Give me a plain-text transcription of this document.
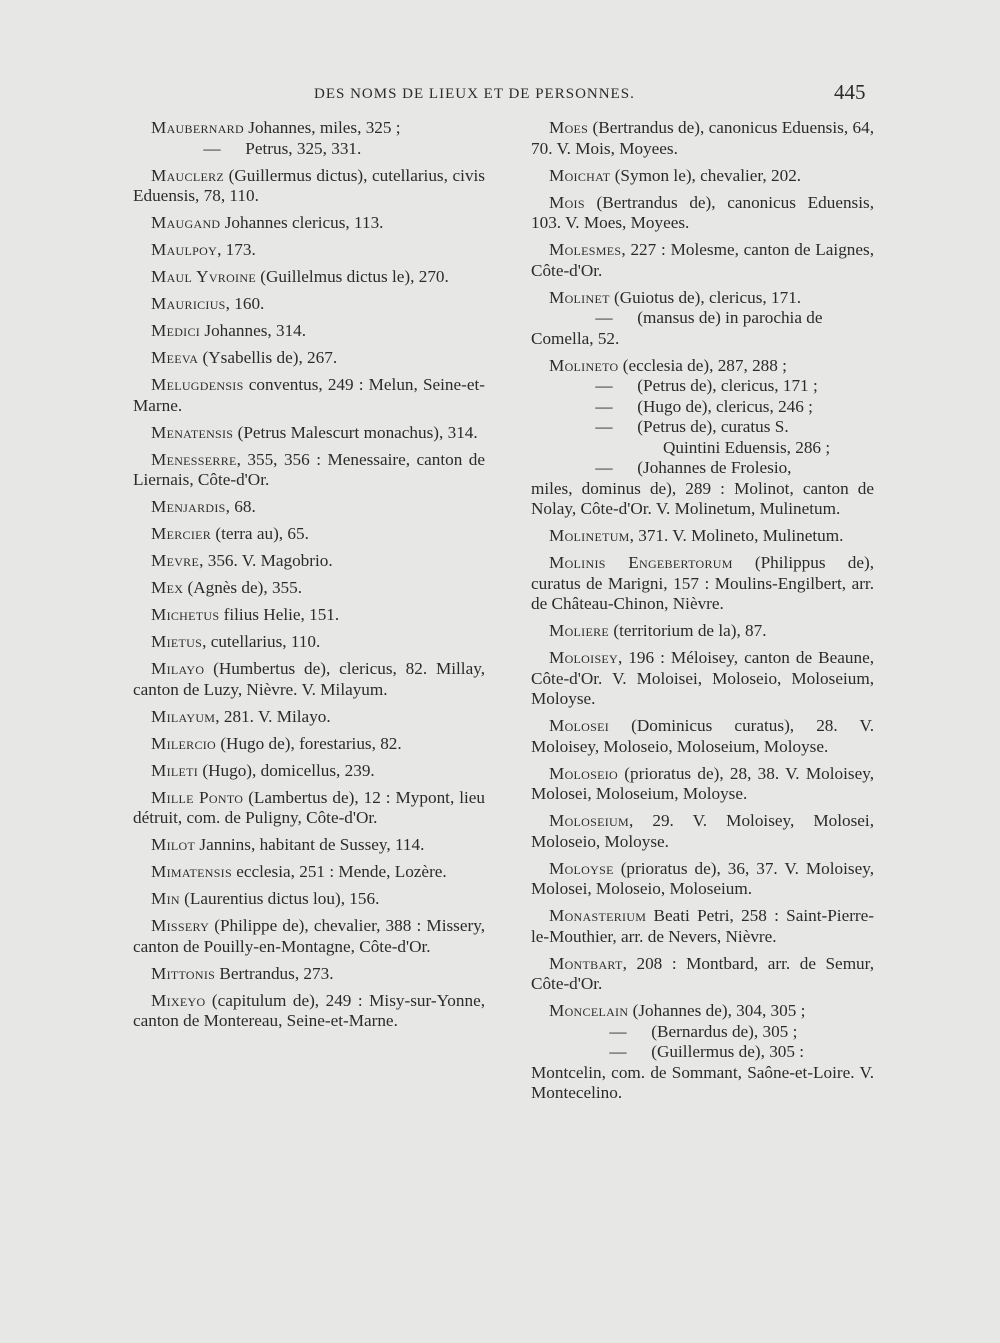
DES NOMS DE LIEUX ET DE PERSONNES.	445

Maubernard Johannes, miles, 325 ;

— Petrus, 325, 331.

Mauclerz (Guillermus dictus), cutellarius, civis Eduensis, 78, 110.

Maugand Johannes clericus, 113.

Maulpoy, 173.

Maul Yvroine (Guillelmus dictus le), 270.

Mauricius, 160.

Medici Johannes, 314.

Meeva (Ysabellis de), 267.

Melugdensis conventus, 249 : Melun, Seine-et-Marne.

Menatensis (Petrus Malescurt monachus), 314.

Menesserre, 355, 356 : Menessaire, canton de Liernais, Côte-d'Or.

Menjardis, 68.

Mercier (terra au), 65.

Mevre, 356. V. Magobrio.

Mex (Agnès de), 355.

Michetus filius Helie, 151.

Mietus, cutellarius, 110.

Milayo (Humbertus de), clericus, 82. Millay, canton de Luzy, Nièvre. V. Milayum.

Milayum, 281. V. Milayo.

Milercio (Hugo de), forestarius, 82.

Mileti (Hugo), domicellus, 239.

Mille Ponto (Lambertus de), 12 : Mypont, lieu détruit, com. de Puligny, Côte-d'Or.

Milot Jannins, habitant de Sussey, 114.

Mimatensis ecclesia, 251 : Mende, Lozère.

Min (Laurentius dictus lou), 156.

Missery (Philippe de), chevalier, 388 : Missery, canton de Pouilly-en-Montagne, Côte-d'Or.

Mittonis Bertrandus, 273.

Mixeyo (capitulum de), 249 : Misy-sur-Yonne, canton de Montereau, Seine-et-Marne.

Moes (Bertrandus de), canonicus Eduensis, 64, 70. V. Mois, Moyees.

Moichat (Symon le), chevalier, 202.

Mois (Bertrandus de), canonicus Eduensis, 103. V. Moes, Moyees.

Molesmes, 227 : Molesme, canton de Laignes, Côte-d'Or.

Molinet (Guiotus de), clericus, 171.

— (mansus de) in parochia de

Comella, 52.

Molineto (ecclesia de), 287, 288 ;

— (Petrus de), clericus, 171 ;

— (Hugo de), clericus, 246 ;

— (Petrus de), curatus S.

Quintini Eduensis, 286 ;

— (Johannes de Frolesio,

miles, dominus de), 289 : Molinot, canton de Nolay, Côte-d'Or. V. Molinetum, Mulinetum.

Molinetum, 371. V. Molineto, Mulinetum.

Molinis Engebertorum (Philippus de), curatus de Marigni, 157 : Moulins-Engilbert, arr. de Château-Chinon, Nièvre.

Moliere (territorium de la), 87.

Moloisey, 196 : Méloisey, canton de Beaune, Côte-d'Or. V. Moloisei, Moloseio, Moloseium, Moloyse.

Molosei (Dominicus curatus), 28. V. Moloisey, Moloseio, Moloseium, Moloyse.

Moloseio (prioratus de), 28, 38. V. Moloisey, Molosei, Moloseium, Moloyse.

Moloseium, 29. V. Moloisey, Molosei, Moloseio, Moloyse.

Moloyse (prioratus de), 36, 37. V. Moloisey, Molosei, Moloseio, Moloseium.

Monasterium Beati Petri, 258 : Saint-Pierre-le-Mouthier, arr. de Nevers, Nièvre.

Montbart, 208 : Montbard, arr. de Semur, Côte-d'Or.

Moncelain (Johannes de), 304, 305 ;

— (Bernardus de), 305 ;

— (Guillermus de), 305 :

Montcelin, com. de Sommant, Saône-et-Loire. V. Montecelino.
